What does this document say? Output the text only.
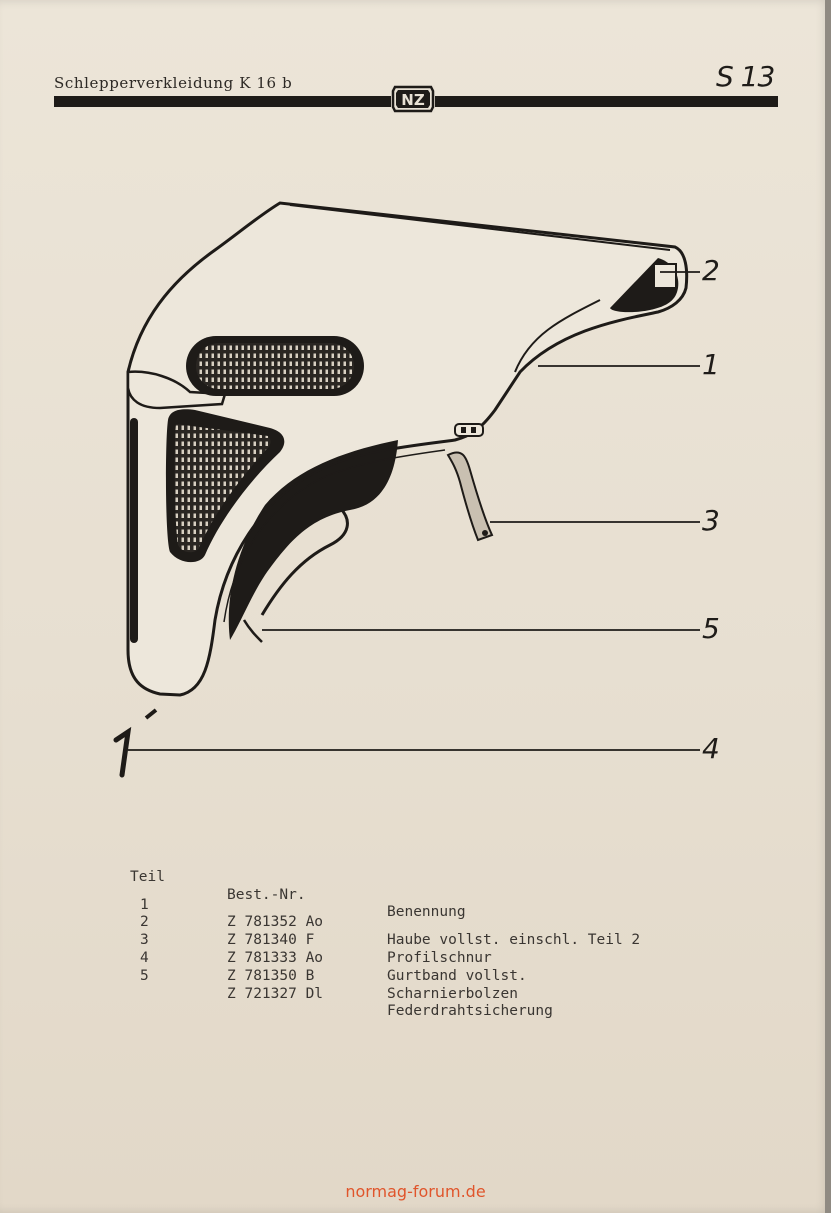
Schlepperverkleidung K 16 b	S 13
NZ
2
1
3
5
4

Teil

Best.-Nr.

Benennung

1

Z 781352 Ao

Haube vollst. einschl. Teil 2

2

Z 781340 F

Profilschnur

3

Z 781333 Ao

Gurtband vollst.

4

Z 781350 B

Scharnierbolzen

5

Z 721327 Dl

Federdrahtsicherung

normag-forum.de
